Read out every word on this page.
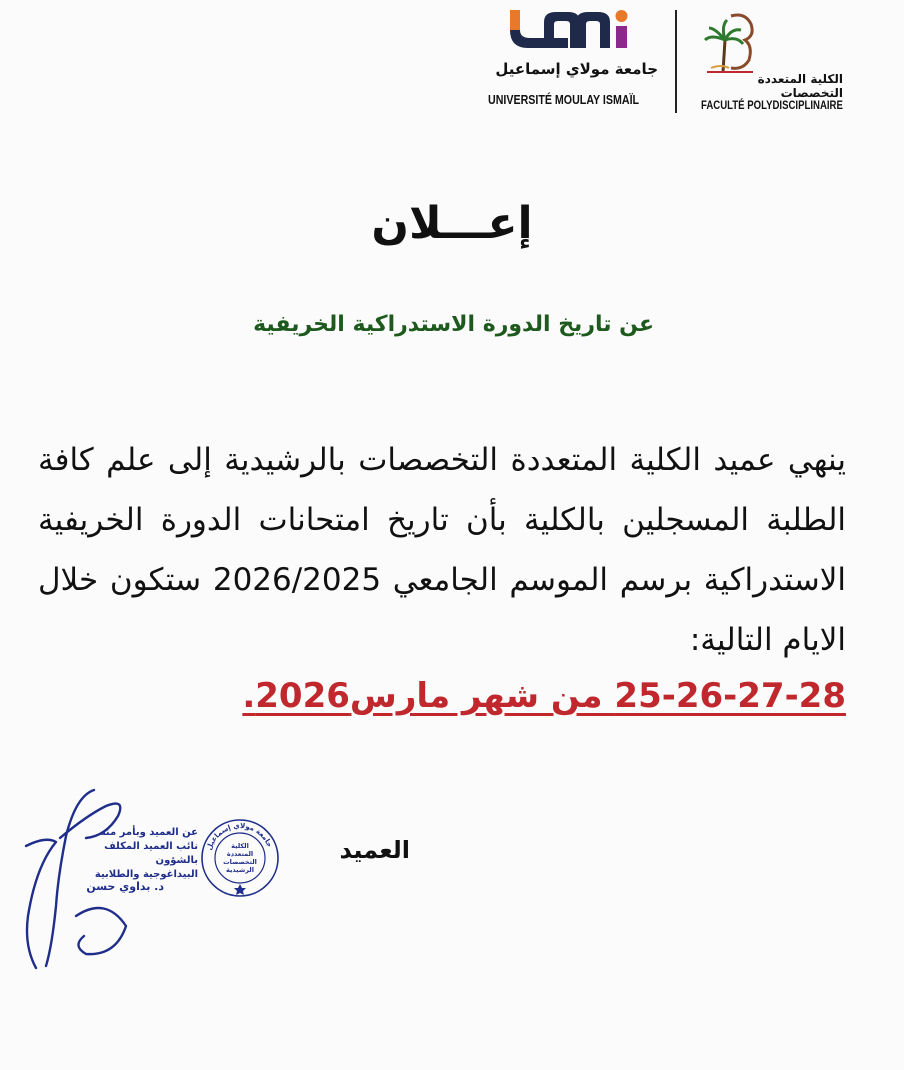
جامعة مولاي إسماعيل
UNIVERSITÉ MOULAY ISMAÏL
الكلية المتعددة التخصصات
FACULTÉ POLYDISCIPLINAIRE
إعـــلان
عن تاريخ الدورة الاستدراكية الخريفية
ينهي عميد الكلية المتعددة التخصصات بالرشيدية إلى علم كافة الطلبة المسجلين بالكلية بأن تاريخ امتحانات الدورة الخريفية الاستدراكية برسم الموسم الجامعي 2026/2025 ستكون خلال الايام التالية:
25-26-27-28 من شهر مارس2026.
العميد
جامعة مولاي إسماعيل
الكلية
المتعددة
التخصصات
الرشيدية
عن العميد وبأمر منه
نائب العميد المكلف بالشؤون
البيداغوجية والطلابية
د. بداوي حسن
